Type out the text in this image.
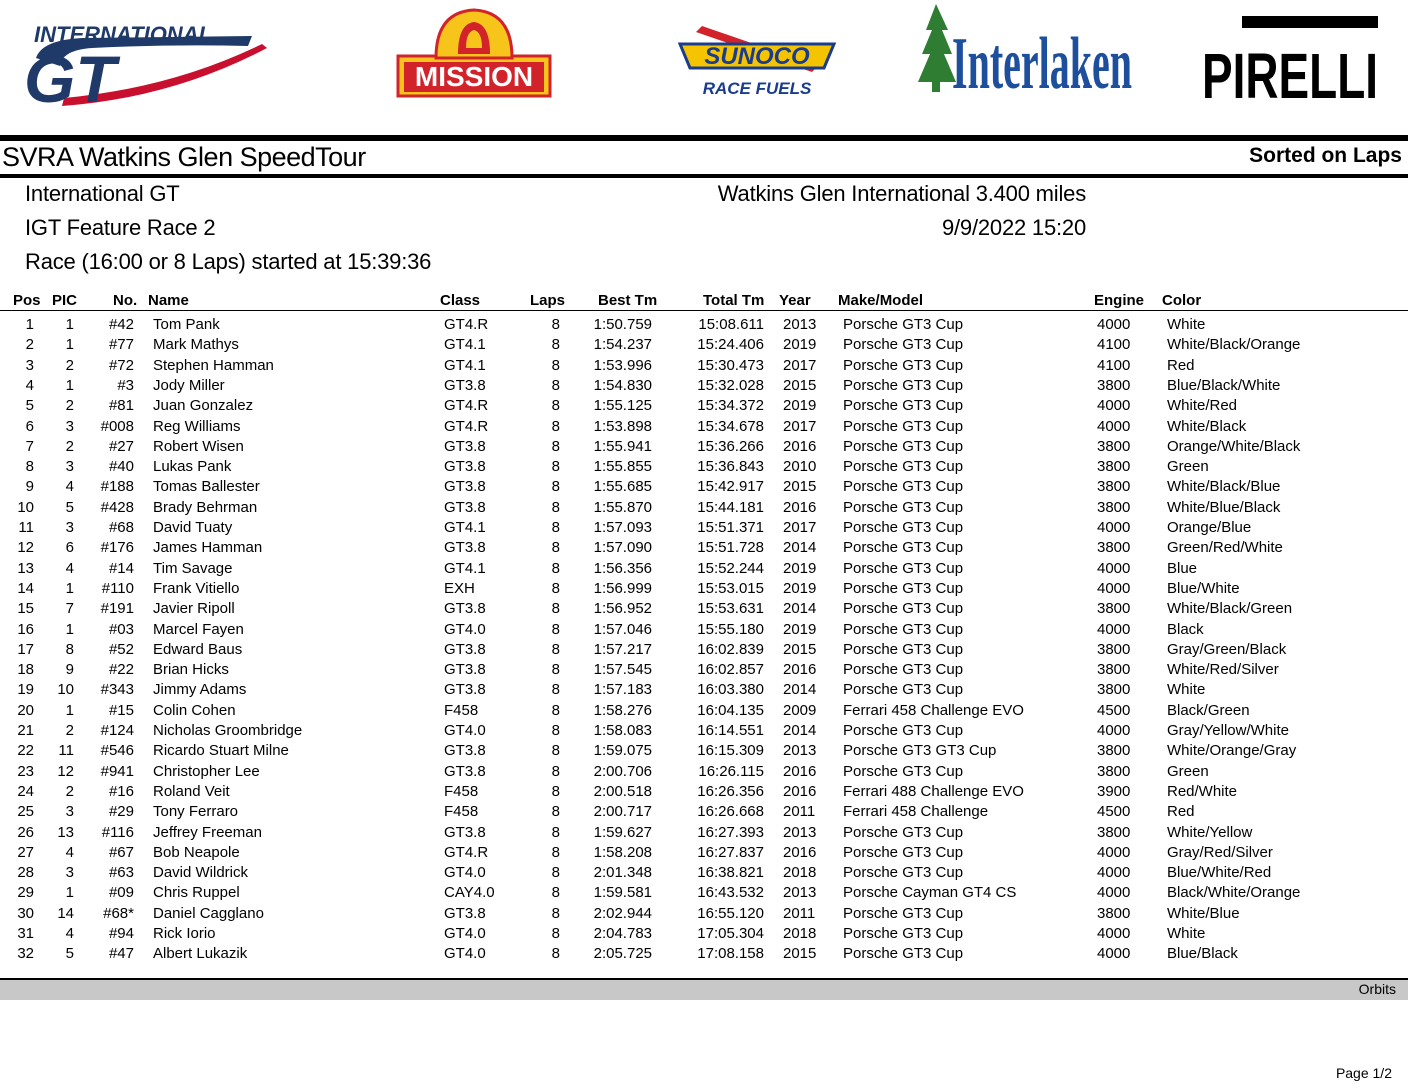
INTERNATIONAL
GT	MISSION
SUNOCO
RACE FUELS Interlaken PIRELLI
SVRA Watkins Glen SpeedTour	Sorted on Laps
International GT
IGT Feature Race 2
Race (16:00 or 8 Laps) started at 15:39:36
Watkins Glen International 3.400 miles
9/9/2022 15:20
Pos PIC No. Name	Class	Laps Best Tm	Total Tm Year Make/Model	Engine Color
1	1	#42 Tom Pank	GT4.R	8	1:50.759	15:08.611 2013 Porsche GT3 Cup	4000 White
2	1	#77 Mark Mathys	GT4.1	8	1:54.237	15:24.406 2019 Porsche GT3 Cup	4100 White/Black/Orange
3	2	#72 Stephen Hamman	GT4.1	8	1:53.996	15:30.473 2017 Porsche GT3 Cup	4100 Red
4	1	#3 Jody Miller	GT3.8	8	1:54.830	15:32.028 2015 Porsche GT3 Cup	3800 Blue/Black/White
5	2	#81 Juan Gonzalez	GT4.R	8	1:55.125	15:34.372 2019 Porsche GT3 Cup	4000 White/Red
6	3	#008 Reg Williams	GT4.R	8	1:53.898	15:34.678 2017 Porsche GT3 Cup	4000 White/Black
7	2	#27 Robert Wisen	GT3.8	8	1:55.941	15:36.266 2016 Porsche GT3 Cup	3800 Orange/White/Black
8	3	#40 Lukas Pank	GT3.8	8	1:55.855	15:36.843 2010 Porsche GT3 Cup	3800 Green
9	4	#188 Tomas Ballester	GT3.8	8	1:55.685	15:42.917 2015 Porsche GT3 Cup	3800 White/Black/Blue
10	5	#428 Brady Behrman	GT3.8	8	1:55.870	15:44.181 2016 Porsche GT3 Cup	3800 White/Blue/Black
11	3	#68 David Tuaty	GT4.1	8	1:57.093	15:51.371 2017 Porsche GT3 Cup	4000 Orange/Blue
12	6	#176 James Hamman	GT3.8	8	1:57.090	15:51.728 2014 Porsche GT3 Cup	3800 Green/Red/White
13	4	#14 Tim Savage	GT4.1	8	1:56.356	15:52.244 2019 Porsche GT3 Cup	4000 Blue
14	1	#110 Frank Vitiello	EXH	8	1:56.999	15:53.015 2019 Porsche GT3 Cup	4000 Blue/White
15	7	#191 Javier Ripoll	GT3.8	8	1:56.952	15:53.631 2014 Porsche GT3 Cup	3800 White/Black/Green
16	1	#03 Marcel Fayen	GT4.0	8	1:57.046	15:55.180 2019 Porsche GT3 Cup	4000 Black
17	8	#52 Edward Baus	GT3.8	8	1:57.217	16:02.839 2015 Porsche GT3 Cup	3800 Gray/Green/Black
18	9	#22 Brian Hicks	GT3.8	8	1:57.545	16:02.857 2016 Porsche GT3 Cup	3800 White/Red/Silver
19	10	#343 Jimmy Adams	GT3.8	8	1:57.183	16:03.380 2014 Porsche GT3 Cup	3800 White
20	1	#15 Colin Cohen	F458	8	1:58.276	16:04.135 2009 Ferrari 458 Challenge EVO	4500 Black/Green
21	2	#124 Nicholas Groombridge	GT4.0	8	1:58.083	16:14.551 2014 Porsche GT3 Cup	4000 Gray/Yellow/White
22	11	#546 Ricardo Stuart Milne	GT3.8	8	1:59.075	16:15.309 2013 Porsche GT3 GT3 Cup	3800 White/Orange/Gray
23	12	#941 Christopher Lee	GT3.8	8	2:00.706	16:26.115 2016 Porsche GT3 Cup	3800 Green
24	2	#16 Roland Veit	F458	8	2:00.518	16:26.356 2016 Ferrari 488 Challenge EVO	3900 Red/White
25	3	#29 Tony Ferraro	F458	8	2:00.717	16:26.668 2011 Ferrari 458 Challenge	4500 Red
26	13	#116 Jeffrey Freeman	GT3.8	8	1:59.627	16:27.393 2013 Porsche GT3 Cup	3800 White/Yellow
27	4	#67 Bob Neapole	GT4.R	8	1:58.208	16:27.837 2016 Porsche GT3 Cup	4000 Gray/Red/Silver
28	3	#63 David Wildrick	GT4.0	8	2:01.348	16:38.821 2018 Porsche GT3 Cup	4000 Blue/White/Red
29	1	#09 Chris Ruppel	CAY4.0	8	1:59.581	16:43.532 2013 Porsche Cayman GT4 CS	4000 Black/White/Orange
30	14	#68* Daniel Cagglano	GT3.8	8	2:02.944	16:55.120 2011 Porsche GT3 Cup	3800 White/Blue
31	4	#94 Rick Iorio	GT4.0	8	2:04.783	17:05.304 2018 Porsche GT3 Cup	4000 White
32	5	#47 Albert Lukazik	GT4.0	8	2:05.725	17:08.158 2015 Porsche GT3 Cup	4000 Blue/Black
Orbits
Page 1/2
